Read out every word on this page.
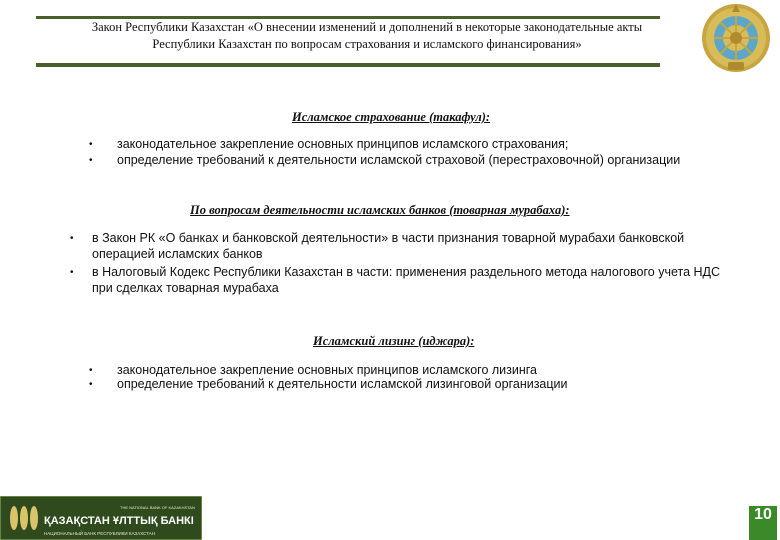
Закон Республики Казахстан «О внесении изменений и дополнений в некоторые законодательные акты Республики Казахстан по вопросам страхования и исламского финансирования»
Исламское страхование (такафул):
• законодательное закрепление основных принципов исламского страхования;
• определение требований к деятельности исламской страховой (перестраховочной) организации
По вопросам деятельности исламских банков (товарная мурабаха):
• в Закон РК «О банках и банковской деятельности» в части признания товарной мурабахи банковской операцией исламских банков
• в Налоговый Кодекс Республики Казахстан в части: применения раздельного метода налогового учета НДС при сделках товарная мурабаха
Исламский лизинг (иджара):
• законодательное закрепление основных принципов исламского лизинга
• определение требований к деятельности исламской лизинговой организации
THE NATIONAL BANK OF KAZAKHSTAN
ҚАЗАҚСТАН ҰЛТТЫҚ БАНКІ
НАЦИОНАЛЬНЫЙ БАНК РЕСПУБЛИКИ КАЗАХСТАН
10
